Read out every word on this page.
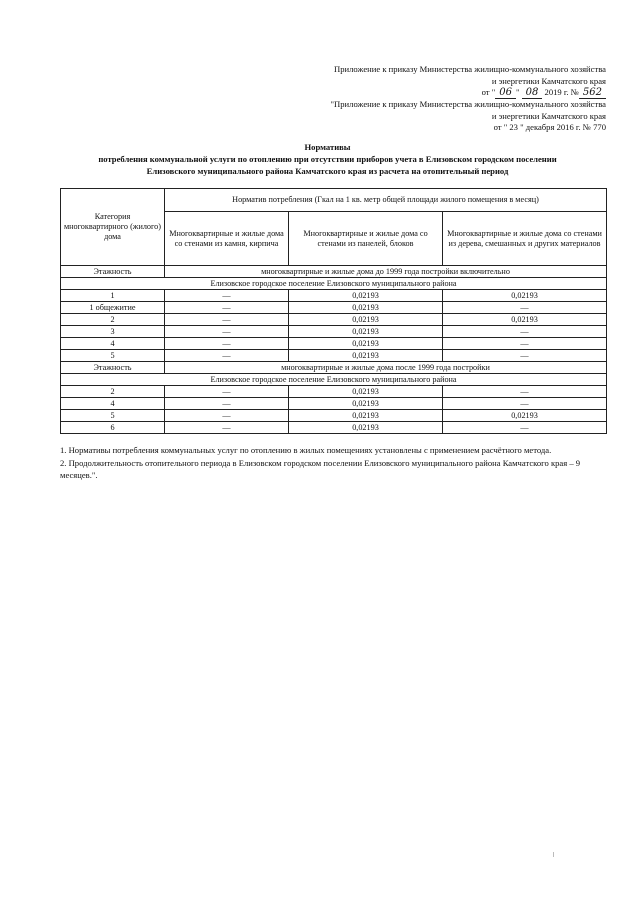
Приложение к приказу Министерства жилищно-коммунального хозяйства
и энергетики Камчатского края
от " 06 " 08 2019 г. № 562
"Приложение к приказу Министерства жилищно-коммунального хозяйства
и энергетики Камчатского края
от " 23 " декабря 2016 г. № 770
Нормативы
потребления коммунальной услуги по отоплению при отсутствии приборов учета в Елизовском городском поселении
Елизовского муниципального района Камчатского края из расчета на отопительный период
Категория многоквартирного (жилого) дома	Норматив потребления (Гкал на 1 кв. метр общей площади жилого помещения в месяц)		
	Многоквартирные и жилые дома со стенами из камня, кирпича	Многоквартирные и жилые дома со стенами из панелей, блоков	Многоквартирные и жилые дома со стенами из дерева, смешанных и других материалов
Этажность	многоквартирные и жилые дома до 1999 года постройки включительно		
Елизовское городское поселение Елизовского муниципального района			
1	—	0,02193	0,02193
1 общежитие	—	0,02193	—
2	—	0,02193	0,02193
3	—	0,02193	—
4	—	0,02193	—
5	—	0,02193	—
Этажность	многоквартирные и жилые дома после 1999 года постройки		
Елизовское городское поселение Елизовского муниципального района			
2	—	0,02193	—
4	—	0,02193	—
5	—	0,02193	0,02193
6	—	0,02193	—

1. Нормативы потребления коммунальных услуг по отоплению в жилых помещениях установлены с применением расчётного метода.

2. Продолжительность отопительного периода в Елизовском городском поселении Елизовского муниципального района Камчатского края – 9 месяцев.".
